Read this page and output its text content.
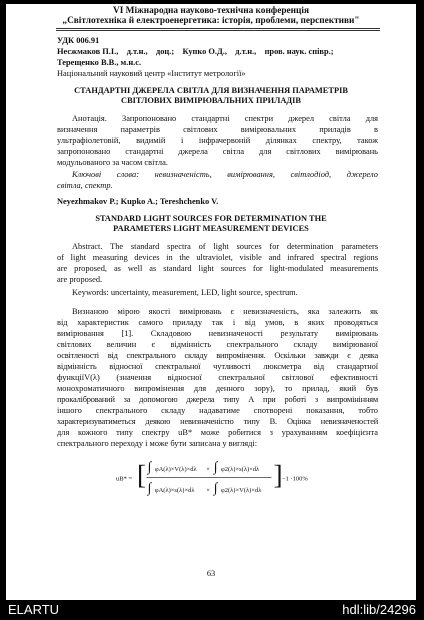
VI Міжнародна науково-технічна конференція
„Світлотехніка й електроенергетика: історія, проблеми, перспективи"
УДК 006.91
Несжмаков П.І.,    д.т.н.,    доц.;    Купко О.Д.,    д.т.н.,    пров. наук. співр.;
Терещенко В.В., м.н.с.
Національний науковий центр «Інститут метрології»
СТАНДАРТНІ ДЖЕРЕЛА СВІТЛА ДЛЯ ВИЗНАЧЕННЯ ПАРАМЕТРІВ
СВІТЛОВИХ ВИМІРЮВАЛЬНИХ ПРИЛАДІВ
Анотація. Запропоновано стандартні спектри джерел світла для
визначення параметрів світлових вимірювальних приладів в
ультрафіолетовій, видимій і інфрачервоній ділянках спектру, також
запропоновано стандартні джерела світла для світлових вимірювань
модульованого за часом світла.
Ключові слова: невизначеність, вимірювання, світлодіод, джерело
світла, спектр.
Neyezhmakov P.; Kupko A.; Tereshchenko V.
STANDARD LIGHT SOURCES FOR DETERMINATION THE
PARAMETERS LIGHT MEASUREMENT DEVICES
Abstract. The standard spectra of light sources for determination parameters
of light measuring devices in the ultraviolet, visible and infrared spectral regions
are proposed, as well as standard light sources for light-modulated measurements
are proposed.
Keywords: uncertainty, measurement, LED, light source, spectrum.
Визнаною мірою якості вимірювань є невизначеність, яка залежить як
від характеристик самого приладу так і від умов, в яких проводяться
вимірювання [1]. Складовою невизначеності результату вимірювань
світлових величин є відмінність спектрального складу вимірюваної
освітленості від спектрального складу випромінення. Оскільки завжди є деяка
відмінність відносної спектральної чутливості люксметра від стандартної
функціїV(λ) (значення відносної спектральної світлової ефективності
монохроматичного випромінення для денного зору), то прилад, який був
прокалібрований за допомогою джерела типу А при роботі з випромінінням
іншого спектрального складу надаватиме спотворені показання, тобто
характеризуватиметься деякою невизначеністю типу В. Оцінка невизначеностей
для кожного типу спектру uB* може робитися з урахуванням коефіцієнта
спектрального переходу і може бути записана у вигляді:
uB* = [ ∫ φA(λ)×V(λ)×dλ × ∫ φ2(λ)×s(λ)×dλ
∫ φA(λ)×s(λ)×dλ × ∫ φ2(λ)×V(λ)×dλ
] −1 ·100%
63
ELARTU	hdl:lib/24296
